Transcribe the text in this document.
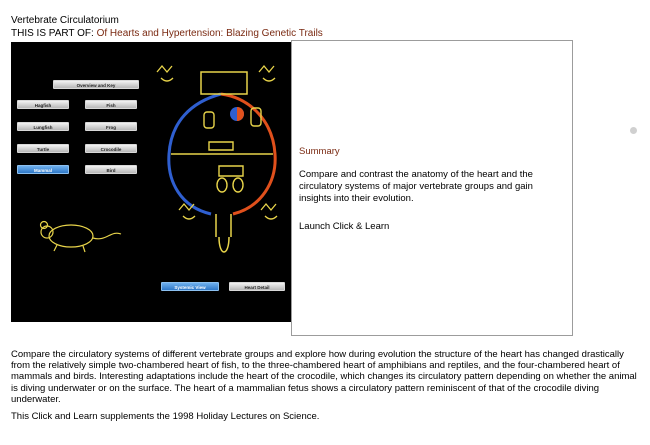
Vertebrate Circulatorium
THIS IS PART OF: Of Hearts and Hypertension: Blazing Genetic Trails
Overview and Key
Hagfish	Fish
Lungfish	Frog
Turtle	Crocodile
Mammal	Bird
Systemic View	Heart Detail
Summary
Compare and contrast the anatomy of the heart and the circulatory systems of major vertebrate groups and gain insights into their evolution.
Launch Click & Learn
Compare the circulatory systems of different vertebrate groups and explore how during evolution the structure of the heart has changed drastically from the relatively simple two-chambered heart of fish, to the three-chambered heart of amphibians and reptiles, and the four-chambered heart of mammals and birds. Interesting adaptations include the heart of the crocodile, which changes its circulatory pattern depending on whether the animal is diving underwater or on the surface. The heart of a mammalian fetus shows a circulatory pattern reminiscent of that of the crocodile diving underwater.
This Click and Learn supplements the 1998 Holiday Lectures on Science.
